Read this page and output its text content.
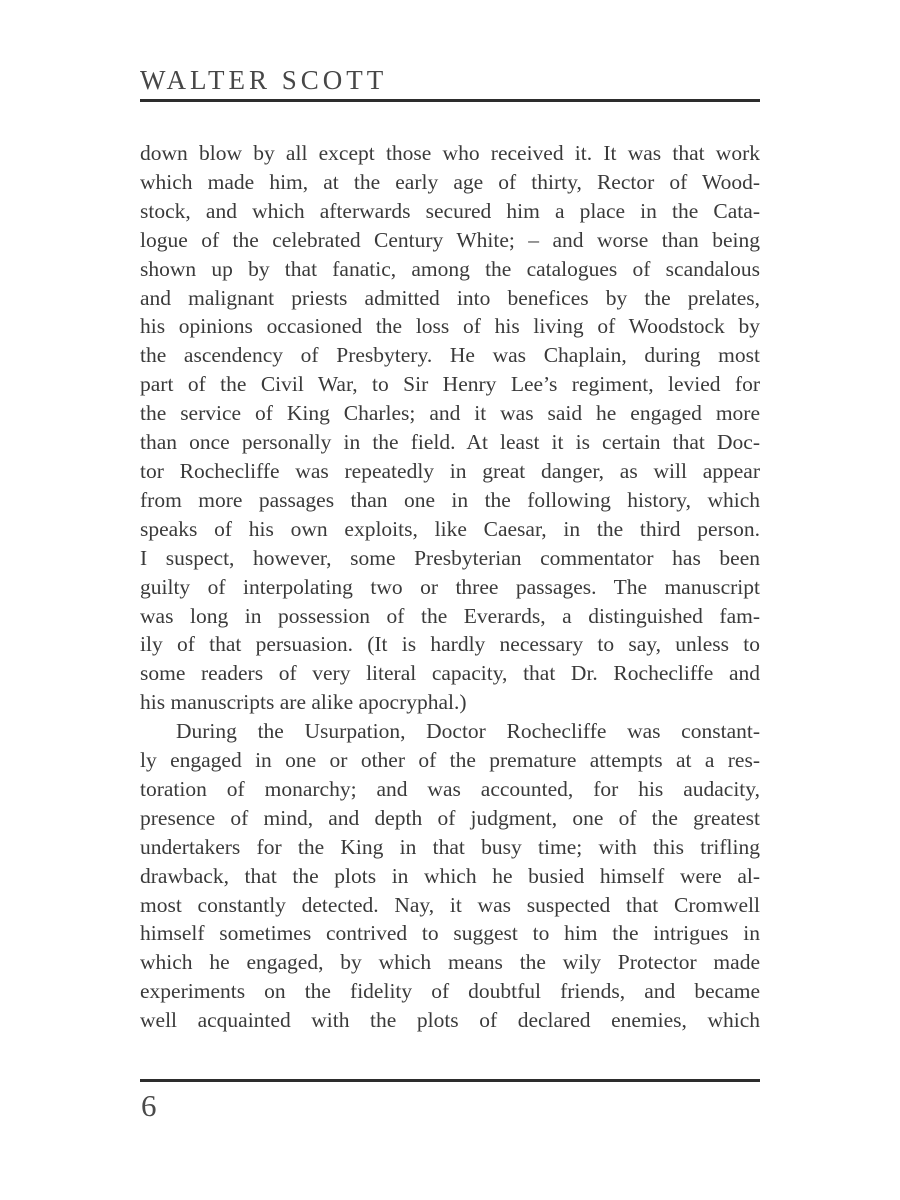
WALTER SCOTT
down blow by all except those who received it. It was that work
which made him, at the early age of thirty, Rector of Wood-
stock, and which afterwards secured him a place in the Cata-
logue of the celebrated Century White; – and worse than being
shown up by that fanatic, among the catalogues of scandalous
and malignant priests admitted into benefices by the prelates,
his opinions occasioned the loss of his living of Woodstock by
the ascendency of Presbytery. He was Chaplain, during most
part of the Civil War, to Sir Henry Lee’s regiment, levied for
the service of King Charles; and it was said he engaged more
than once personally in the field. At least it is certain that Doc-
tor Rochecliffe was repeatedly in great danger, as will appear
from more passages than one in the following history, which
speaks of his own exploits, like Caesar, in the third person.
I suspect, however, some Presbyterian commentator has been
guilty of interpolating two or three passages. The manuscript
was long in possession of the Everards, a distinguished fam-
ily of that persuasion. (It is hardly necessary to say, unless to
some readers of very literal capacity, that Dr. Rochecliffe and
his manuscripts are alike apocryphal.)
During the Usurpation, Doctor Rochecliffe was constant-
ly engaged in one or other of the premature attempts at a res-
toration of monarchy; and was accounted, for his audacity,
presence of mind, and depth of judgment, one of the greatest
undertakers for the King in that busy time; with this trifling
drawback, that the plots in which he busied himself were al-
most constantly detected. Nay, it was suspected that Cromwell
himself sometimes contrived to suggest to him the intrigues in
which he engaged, by which means the wily Protector made
experiments on the fidelity of doubtful friends, and became
well acquainted with the plots of declared enemies, which
6
